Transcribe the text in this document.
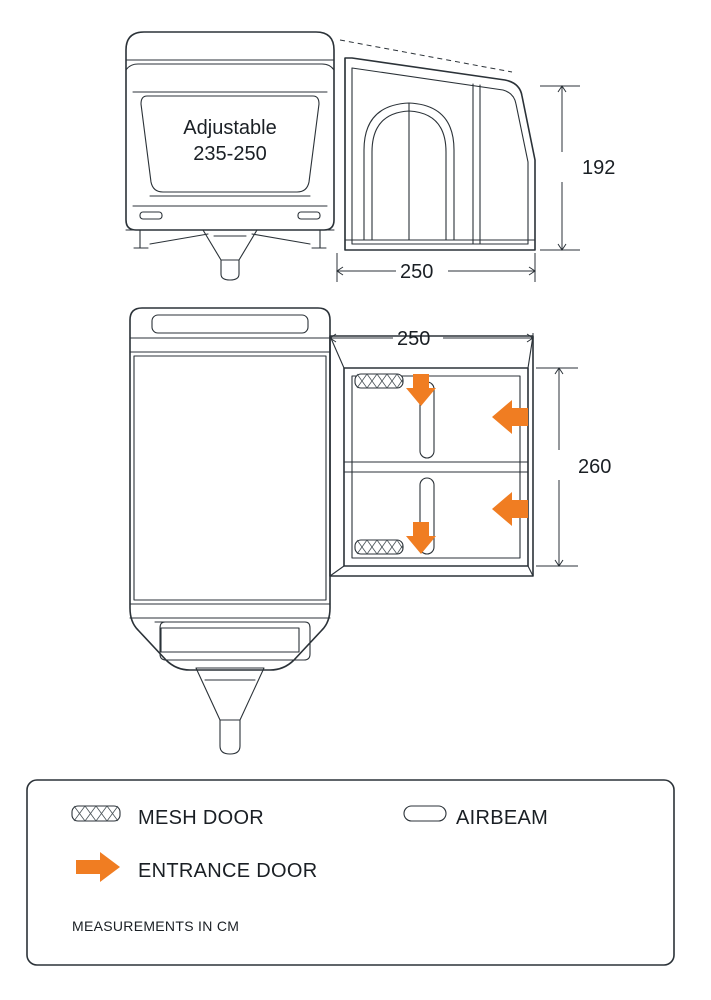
192
250
Adjustable
235-250
250
260
MESH DOOR	AIRBEAM
ENTRANCE DOOR
MEASUREMENTS IN CM
